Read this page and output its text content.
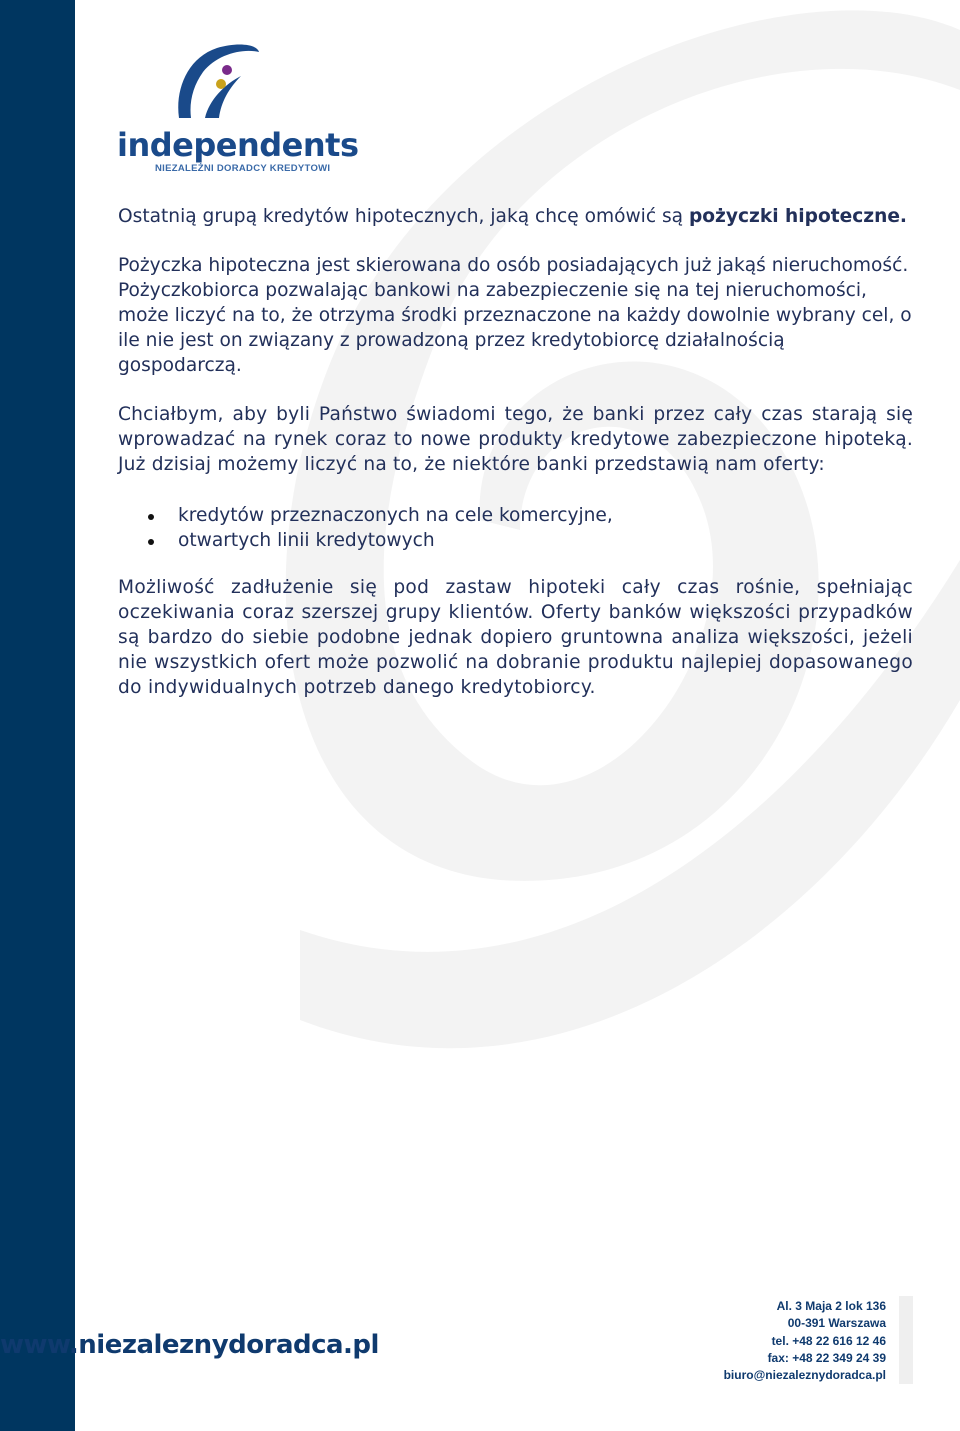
independents
NIEZALEŻNI DORADCY KREDYTOWI

Ostatnią grupą kredytów hipotecznych, jaką chcę omówić są pożyczki hipoteczne.

Pożyczka hipoteczna jest skierowana do osób posiadających już jakąś nieruchomość. Pożyczkobiorca pozwalając bankowi na zabezpieczenie się na tej nieruchomości, może liczyć na to, że otrzyma środki przeznaczone na każdy dowolnie wybrany cel, o ile nie jest on związany z prowadzoną przez kredytobiorcę działalnością gospodarczą.

Chciałbym, aby byli Państwo świadomi tego, że banki przez cały czas starają się wprowadzać na rynek coraz to nowe produkty kredytowe zabezpieczone hipoteką. Już dzisiaj możemy liczyć na to, że niektóre banki przedstawią nam oferty:

kredytów przeznaczonych na cele komercyjne,
otwartych linii kredytowych

Możliwość zadłużenie się pod zastaw hipoteki cały czas rośnie, spełniając oczekiwania coraz szerszej grupy klientów. Oferty banków większości przypadków są bardzo do siebie podobne jednak dopiero gruntowna analiza większości, jeżeli nie wszystkich ofert może pozwolić na dobranie produktu najlepiej dopasowanego do indywidualnych potrzeb danego kredytobiorcy.

www.niezaleznydoradca.pl
Al. 3 Maja 2 lok 136
00-391 Warszawa
tel. +48 22 616 12 46
fax: +48 22 349 24 39
biuro@niezaleznydoradca.pl
